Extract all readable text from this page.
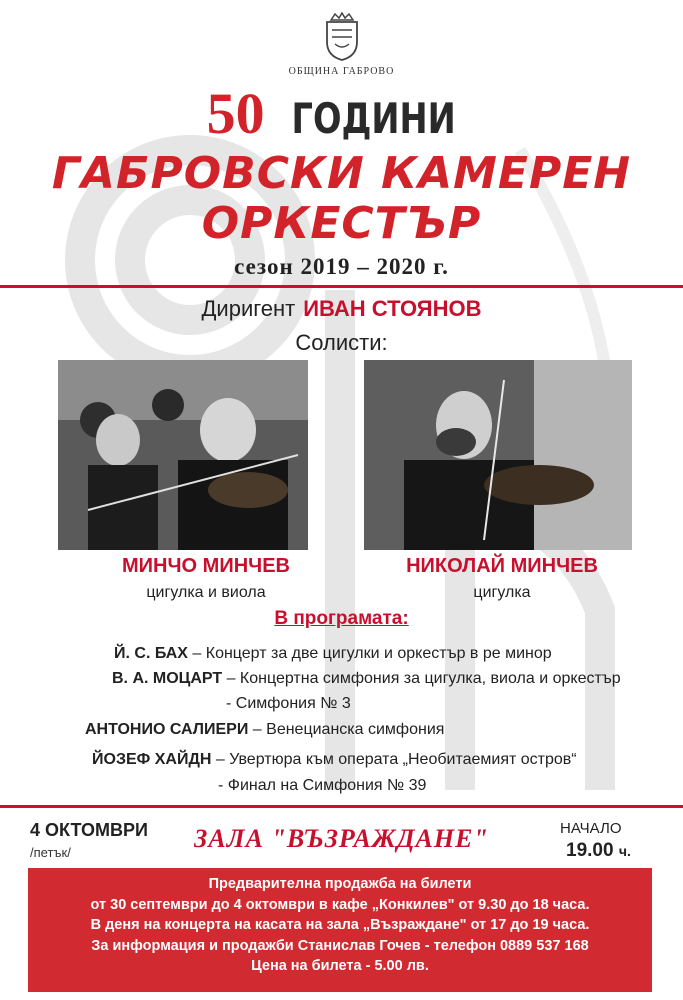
ОБЩИНА ГАБРОВО
50 ГОДИНИ
ГАБРОВСКИ КАМЕРЕН
ОРКЕСТЪР
сезон 2019 – 2020 г.
Диригент ИВАН СТОЯНОВ
Солисти:
МИНЧО МИНЧЕВ
цигулка и виола
НИКОЛАЙ МИНЧЕВ
цигулка
В програмата:
Й. С. БАХ – Концерт за две цигулки и оркестър в ре минор
В. А. МОЦАРТ – Концертна симфония за цигулка, виола и оркестър
- Симфония № 3
АНТОНИО САЛИЕРИ – Венецианска симфония
ЙОЗЕФ ХАЙДН – Увертюра към операта „Необитаемият остров“
- Финал на Симфония № 39
4 ОКТОМВРИ
/петък/	ЗАЛА "ВЪЗРАЖДАНЕ"	НАЧАЛО
19.00 ч.
Предварителна продажба на билети
от 30 септември до 4 октомври в кафе „Конкилев" от 9.30 до 18 часа.
В деня на концерта на касата на зала „Възраждане" от 17 до 19 часа.
За информация и продажби Станислав Гочев - телефон 0889 537 168
Цена на билета - 5.00 лв.
